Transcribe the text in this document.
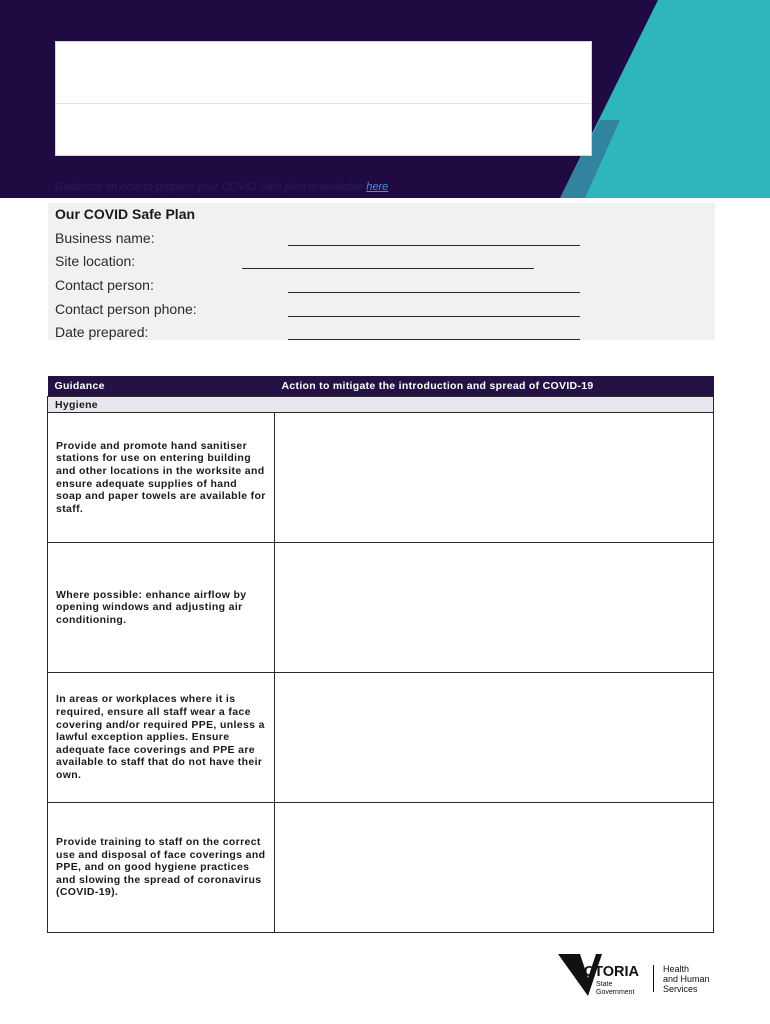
Guidance on how to prepare your COVID Safe plan is available here
Our COVID Safe Plan
Business name:
Site location:
Contact person:
Contact person phone:
Date prepared:
Guidance	Action to mitigate the introduction and spread of COVID-19
Hygiene	
Provide and promote hand sanitiser stations for use on entering building and other locations in the worksite and ensure adequate supplies of hand soap and paper towels are available for staff.	
Where possible: enhance airflow by opening windows and adjusting air conditioning.	
In areas or workplaces where it is required, ensure all staff wear a face covering and/or required PPE, unless a lawful exception applies. Ensure adequate face coverings and PPE are available to staff that do not have their own.	
Provide training to staff on the correct use and disposal of face coverings and PPE, and on good hygiene practices and slowing the spread of coronavirus (COVID-19).	
VICTORIA
State
Government
Health
and Human
Services
